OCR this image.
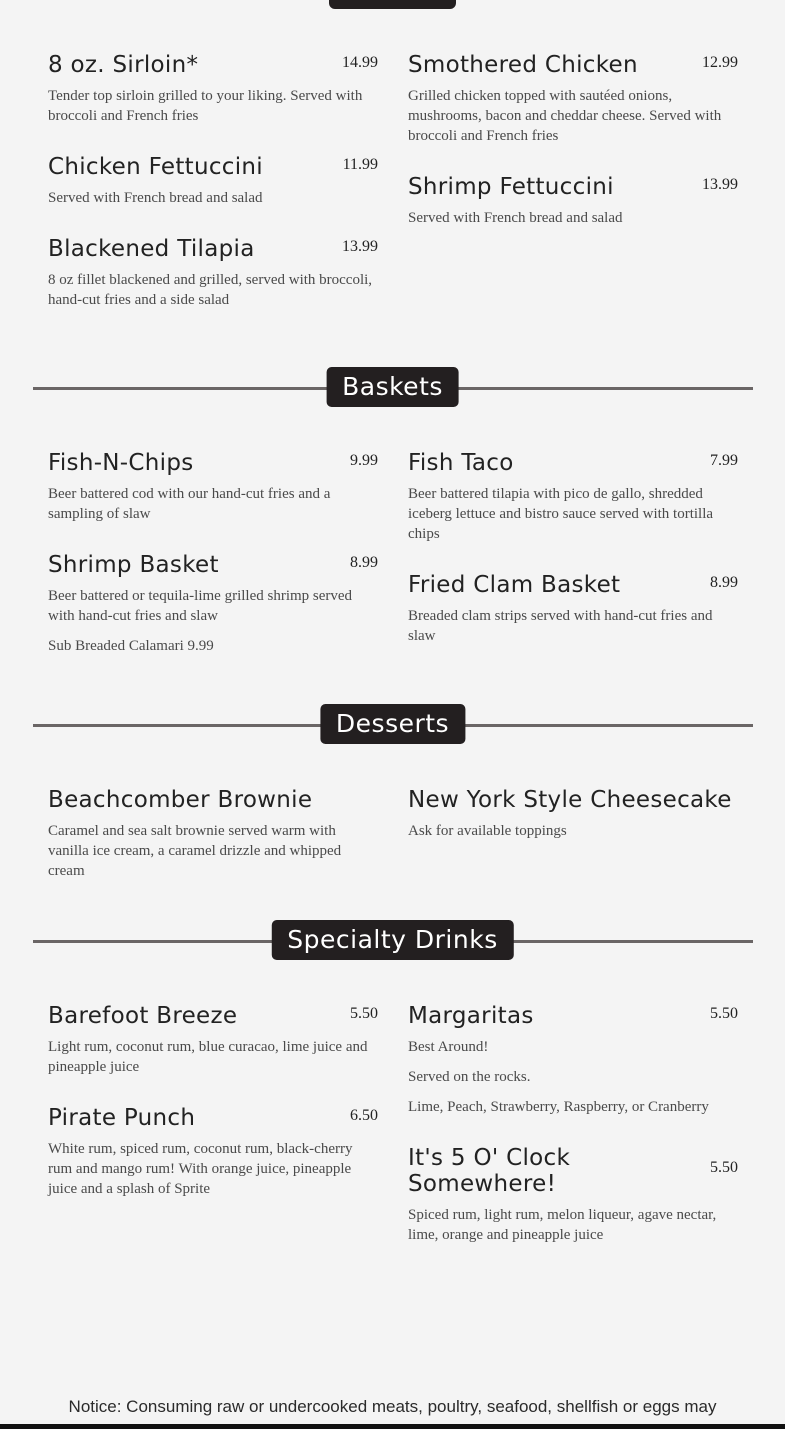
8 oz. Sirloin*	14.99
Tender top sirloin grilled to your liking. Served with broccoli and French fries
Chicken Fettuccini	11.99
Served with French bread and salad
Blackened Tilapia	13.99
8 oz fillet blackened and grilled, served with broccoli, hand-cut fries and a side salad
Smothered Chicken	12.99
Grilled chicken topped with sautéed onions, mushrooms, bacon and cheddar cheese. Served with broccoli and French fries
Shrimp Fettuccini	13.99
Served with French bread and salad
Baskets
Fish-N-Chips	9.99
Beer battered cod with our hand-cut fries and a sampling of slaw
Shrimp Basket	8.99
Beer battered or tequila-lime grilled shrimp served with hand-cut fries and slaw
Sub Breaded Calamari 9.99
Fish Taco	7.99
Beer battered tilapia with pico de gallo, shredded iceberg lettuce and bistro sauce served with tortilla chips
Fried Clam Basket	8.99
Breaded clam strips served with hand-cut fries and slaw
Desserts
Beachcomber Brownie
Caramel and sea salt brownie served warm with vanilla ice cream, a caramel drizzle and whipped cream
New York Style Cheesecake
Ask for available toppings
Specialty Drinks
Barefoot Breeze	5.50
Light rum, coconut rum, blue curacao, lime juice and pineapple juice
Pirate Punch	6.50
White rum, spiced rum, coconut rum, black-cherry rum and mango rum! With orange juice, pineapple juice and a splash of Sprite
Margaritas	5.50
Best Around!
Served on the rocks.
Lime, Peach, Strawberry, Raspberry, or Cranberry
It's 5 O' Clock Somewhere!
5.50
Spiced rum, light rum, melon liqueur, agave nectar, lime, orange and pineapple juice
Notice: Consuming raw or undercooked meats, poultry, seafood, shellfish or eggs may
